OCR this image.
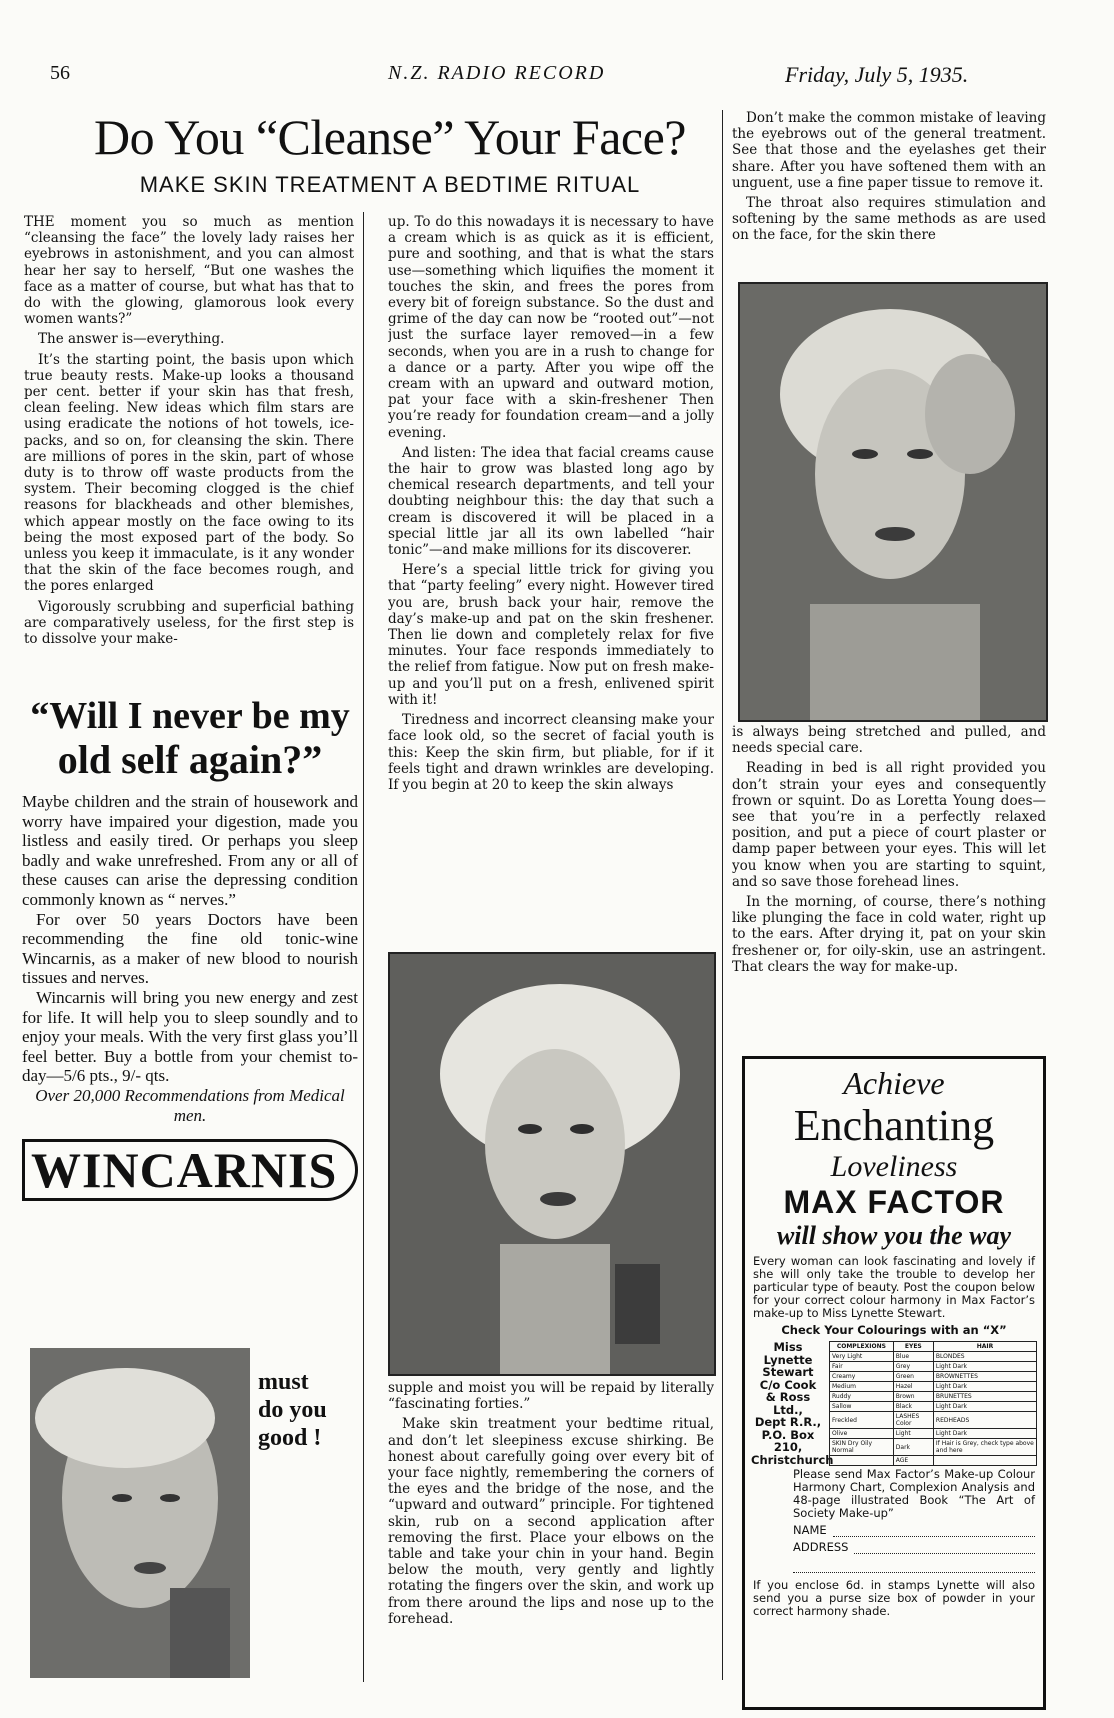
56	N.Z. RADIO RECORD	Friday, July 5, 1935.
Do You “Cleanse” Your Face?
MAKE SKIN TREATMENT A BEDTIME RITUAL

THE moment you so much as mention “cleansing the face” the lovely lady raises her eyebrows in astonishment, and you can almost hear her say to herself, “But one washes the face as a matter of course, but what has that to do with the glowing, glamorous look every women wants?”

The answer is—everything.

It’s the starting point, the basis upon which true beauty rests. Make-up looks a thousand per cent. better if your skin has that fresh, clean feeling. New ideas which film stars are using eradicate the notions of hot towels, ice-packs, and so on, for cleansing the skin. There are millions of pores in the skin, part of whose duty is to throw off waste products from the system. Their becoming clogged is the chief reasons for blackheads and other blemishes, which appear mostly on the face owing to its being the most exposed part of the body. So unless you keep it immaculate, is it any wonder that the skin of the face becomes rough, and the pores enlarged

Vigorously scrubbing and superficial bathing are comparatively useless, for the first step is to dissolve your make-

“Will I never be my
old self again?”

Maybe children and the strain of housework and worry have impaired your digestion, made you listless and easily tired. Or perhaps you sleep badly and wake unrefreshed. From any or all of these causes can arise the depressing condition commonly known as “ nerves.”

For over 50 years Doctors have been recommending the fine old tonic-wine Wincarnis, as a maker of new blood to nourish tissues and nerves.

Wincarnis will bring you new energy and zest for life. It will help you to sleep soundly and to enjoy your meals. With the very first glass you’ll feel better. Buy a bottle from your chemist to-day—5/6 pts., 9/- qts.

Over 20,000 Recommendations from Medical men.

WINCARNIS
must
do you
good !

up. To do this nowadays it is necessary to have a cream which is as quick as it is efficient, pure and soothing, and that is what the stars use—something which liquifies the moment it touches the skin, and frees the pores from every bit of foreign substance. So the dust and grime of the day can now be “rooted out”—not just the surface layer removed—in a few seconds, when you are in a rush to change for a dance or a party. After you wipe off the cream with an upward and outward motion, pat your face with a skin-freshener Then you’re ready for foundation cream—and a jolly evening.

And listen: The idea that facial creams cause the hair to grow was blasted long ago by chemical research departments, and tell your doubting neighbour this: the day that such a cream is discovered it will be placed in a special little jar all its own labelled “hair tonic”—and make millions for its discoverer.

Here’s a special little trick for giving you that “party feeling” every night. However tired you are, brush back your hair, remove the day’s make-up and pat on the skin freshener. Then lie down and completely relax for five minutes. Your face responds immediately to the relief from fatigue. Now put on fresh make-up and you’ll put on a fresh, enlivened spirit with it!

Tiredness and incorrect cleansing make your face look old, so the secret of facial youth is this: Keep the skin firm, but pliable, for if it feels tight and drawn wrinkles are developing. If you begin at 20 to keep the skin always

supple and moist you will be repaid by literally “fascinating forties.”

Make skin treatment your bedtime ritual, and don’t let sleepiness excuse shirking. Be honest about carefully going over every bit of your face nightly, remembering the corners of the eyes and the bridge of the nose, and the “upward and outward” principle. For tightened skin, rub on a second application after removing the first. Place your elbows on the table and take your chin in your hand. Begin below the mouth, very gently and lightly rotating the fingers over the skin, and work up from there around the lips and nose up to the forehead.

Don’t make the common mistake of leaving the eyebrows out of the general treatment. See that those and the eyelashes get their share. After you have softened them with an unguent, use a fine paper tissue to remove it.

The throat also requires stimulation and softening by the same methods as are used on the face, for the skin there

is always being stretched and pulled, and needs special care.

Reading in bed is all right provided you don’t strain your eyes and consequently frown or squint. Do as Loretta Young does—see that you’re in a perfectly relaxed position, and put a piece of court plaster or damp paper between your eyes. This will let you know when you are starting to squint, and so save those forehead lines.

In the morning, of course, there’s nothing like plunging the face in cold water, right up to the ears. After drying it, pat on your skin freshener or, for oily-skin, use an astringent. That clears the way for make-up.

Achieve
Enchanting
Loveliness
MAX FACTOR
will show you the way
Every woman can look fascinating and lovely if she will only take the trouble to develop her particular type of beauty. Post the coupon below for your correct colour harmony in Max Factor’s make-up to Miss Lynette Stewart.
Check Your Colourings with an “X”
Miss Lynette
Stewart
C/o Cook
& Ross
Ltd.,
Dept R.R.,
P.O. Box
210,
Christchurch
COMPLEXIONS	EYES	HAIR
Very Light	Blue	BLONDES
Fair	Grey	Light Dark
Creamy	Green	BROWNETTES
Medium	Hazel	Light Dark
Ruddy	Brown	BRUNETTES
Sallow	Black	Light Dark
Freckled	LASHES Color	REDHEADS
Olive	Light	Light Dark
SKIN Dry Oily Normal	Dark	If Hair is Grey, check type above and here
	AGE	
Please send Max Factor’s Make-up Colour Harmony Chart, Complexion Analysis and 48-page illustrated Book “The Art of Society Make-up”
NAME
ADDRESS
If you enclose 6d. in stamps Lynette will also send you a purse size box of powder in your correct harmony shade.
